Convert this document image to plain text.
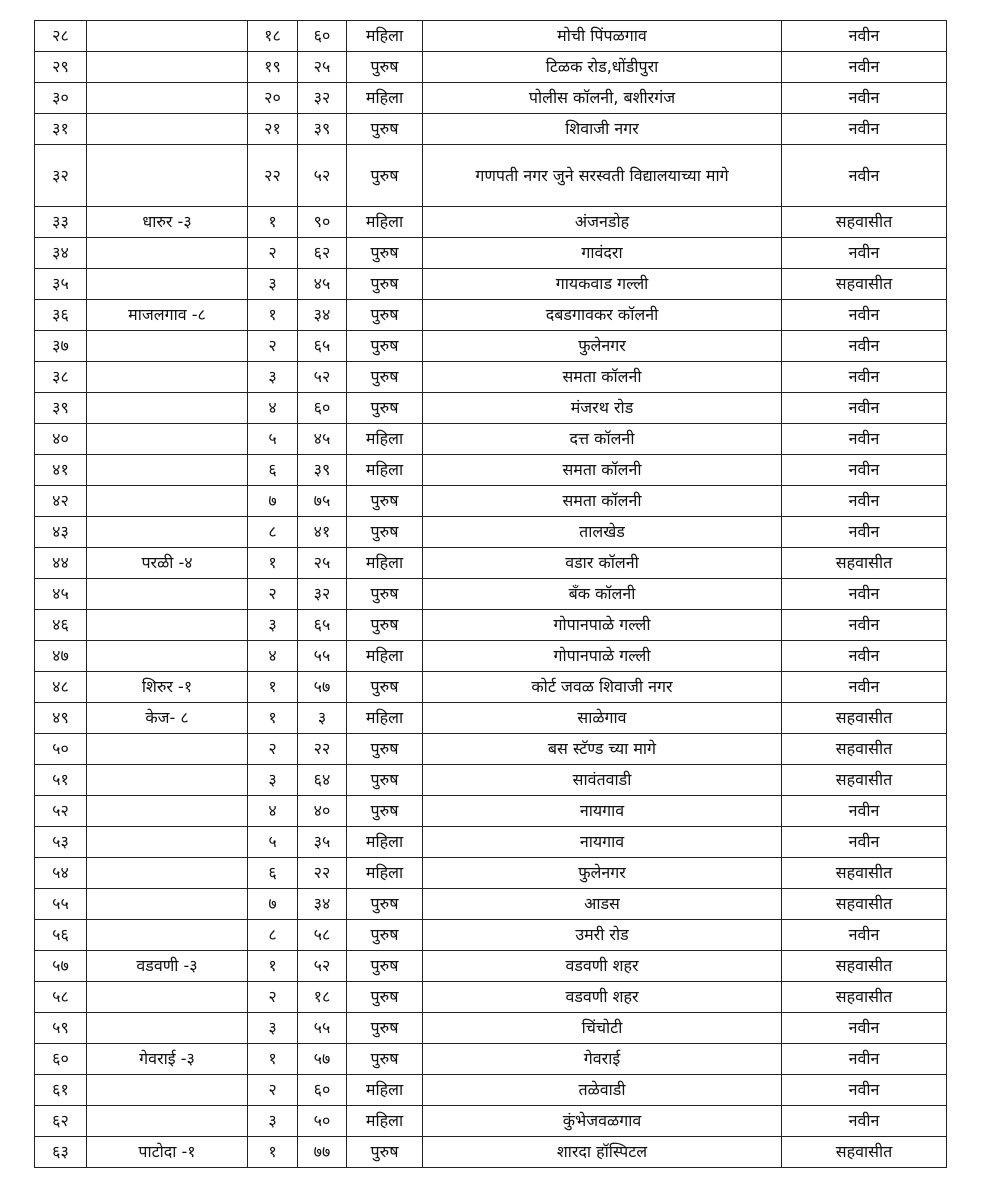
२८		१८	६०	महिला	मोची पिंपळगाव	नवीन
२९		१९	२५	पुरुष	टिळक रोड,धोंडीपुरा	नवीन
३०		२०	३२	महिला	पोलीस कॉलनी, बशीरगंज	नवीन
३१		२१	३९	पुरुष	शिवाजी नगर	नवीन
३२		२२	५२	पुरुष	गणपती नगर जुने सरस्वती विद्यालयाच्या मागे	नवीन
३३	धारुर -३	१	९०	महिला	अंजनडोह	सहवासीत
३४		२	६२	पुरुष	गावंदरा	नवीन
३५		३	४५	पुरुष	गायकवाड गल्ली	सहवासीत
३६	माजलगाव -८	१	३४	पुरुष	दबडगावकर कॉलनी	नवीन
३७		२	६५	पुरुष	फुलेनगर	नवीन
३८		३	५२	पुरुष	समता कॉलनी	नवीन
३९		४	६०	पुरुष	मंजरथ रोड	नवीन
४०		५	४५	महिला	दत्त कॉलनी	नवीन
४१		६	३९	महिला	समता कॉलनी	नवीन
४२		७	७५	पुरुष	समता कॉलनी	नवीन
४३		८	४१	पुरुष	तालखेड	नवीन
४४	परळी -४	१	२५	महिला	वडार कॉलनी	सहवासीत
४५		२	३२	पुरुष	बँक कॉलनी	नवीन
४६		३	६५	पुरुष	गोपानपाळे गल्ली	नवीन
४७		४	५५	महिला	गोपानपाळे गल्ली	नवीन
४८	शिरुर -१	१	५७	पुरुष	कोर्ट जवळ शिवाजी नगर	नवीन
४९	केज- ८	१	३	महिला	साळेगाव	सहवासीत
५०		२	२२	पुरुष	बस स्टॅण्ड च्या मागे	सहवासीत
५१		३	६४	पुरुष	सावंतवाडी	सहवासीत
५२		४	४०	पुरुष	नायगाव	नवीन
५३		५	३५	महिला	नायगाव	नवीन
५४		६	२२	महिला	फुलेनगर	सहवासीत
५५		७	३४	पुरुष	आडस	सहवासीत
५६		८	५८	पुरुष	उमरी रोड	नवीन
५७	वडवणी -३	१	५२	पुरुष	वडवणी शहर	सहवासीत
५८		२	१८	पुरुष	वडवणी शहर	सहवासीत
५९		३	५५	पुरुष	चिंचोटी	नवीन
६०	गेवराई -३	१	५७	पुरुष	गेवराई	नवीन
६१		२	६०	महिला	तळेवाडी	नवीन
६२		३	५०	महिला	कुंभेजवळगाव	नवीन
६३	पाटोदा -१	१	७७	पुरुष	शारदा हॉस्पिटल	सहवासीत
